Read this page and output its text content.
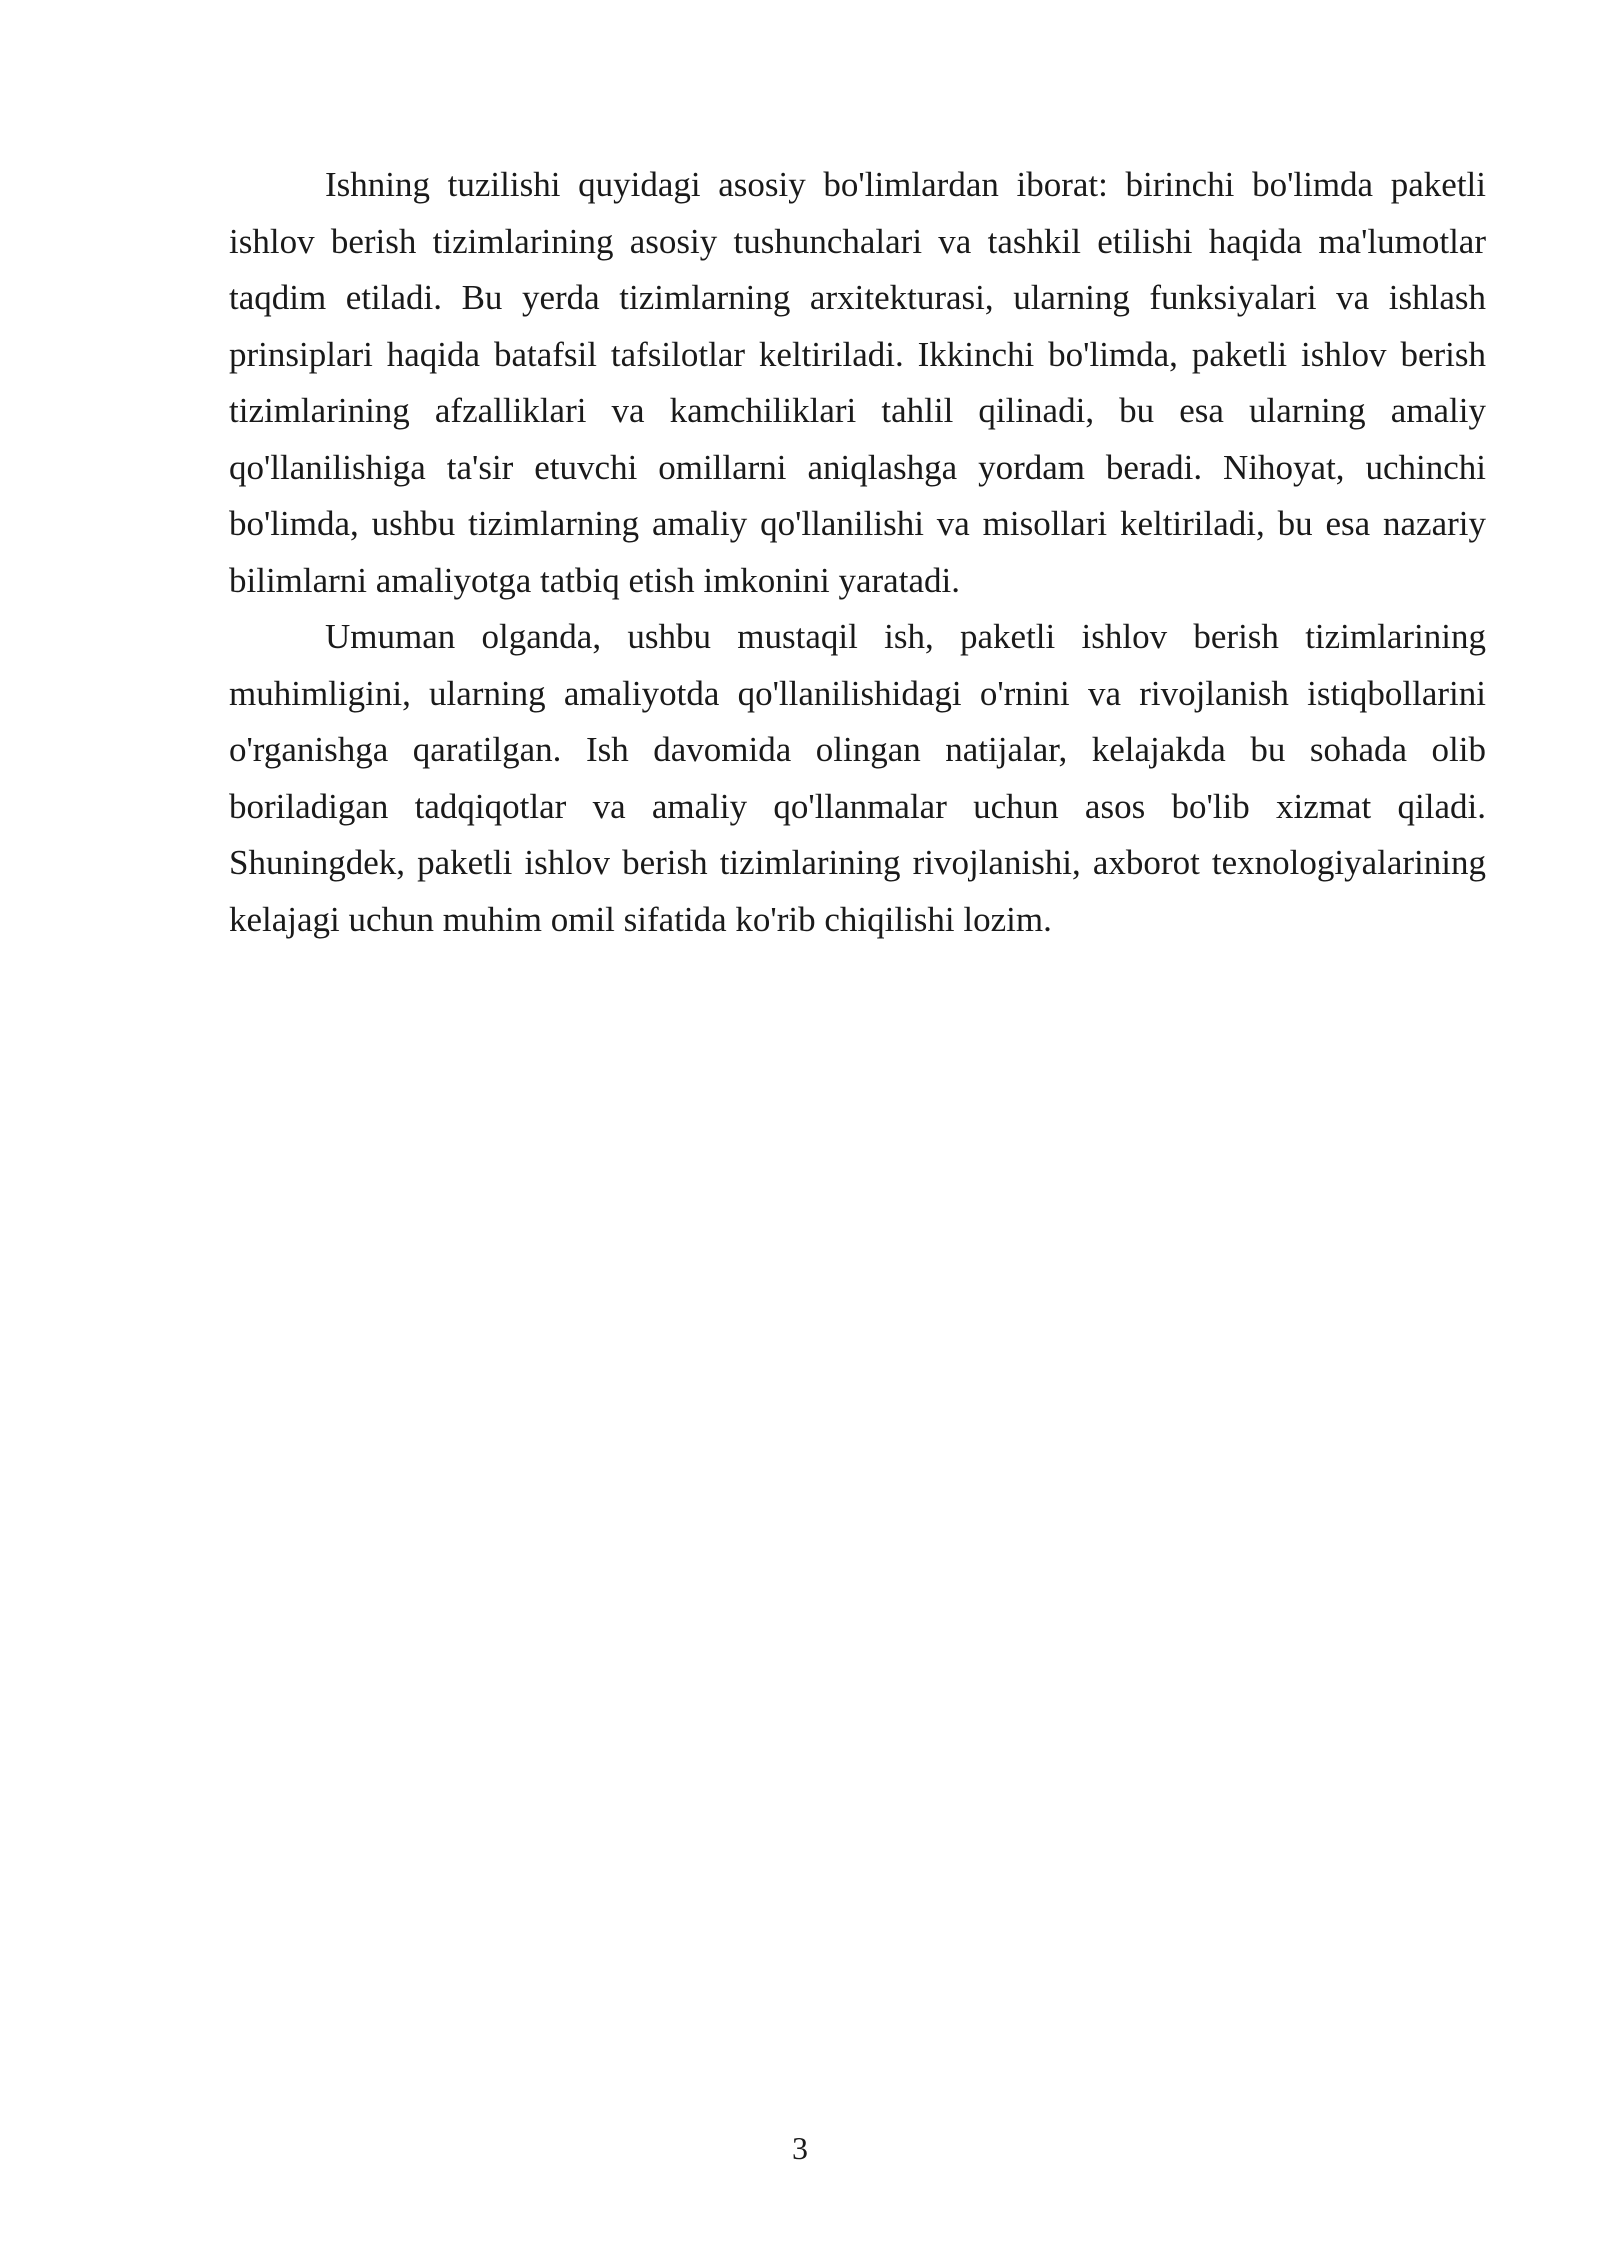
Ishning tuzilishi quyidagi asosiy bo'limlardan iborat: birinchi bo'limda paketli ishlov berish tizimlarining asosiy tushunchalari va tashkil etilishi haqida ma'lumotlar taqdim etiladi. Bu yerda tizimlarning arxitekturasi, ularning funksiyalari va ishlash prinsiplari haqida batafsil tafsilotlar keltiriladi. Ikkinchi bo'limda, paketli ishlov berish tizimlarining afzalliklari va kamchiliklari tahlil qilinadi, bu esa ularning amaliy qo'llanilishiga ta'sir etuvchi omillarni aniqlashga yordam beradi. Nihoyat, uchinchi bo'limda, ushbu tizimlarning amaliy qo'llanilishi va misollari keltiriladi, bu esa nazariy bilimlarni amaliyotga tatbiq etish imkonini yaratadi.

Umuman olganda, ushbu mustaqil ish, paketli ishlov berish tizimlarining muhimligini, ularning amaliyotda qo'llanilishidagi o'rnini va rivojlanish istiqbollarini o'rganishga qaratilgan. Ish davomida olingan natijalar, kelajakda bu sohada olib boriladigan tadqiqotlar va amaliy qo'llanmalar uchun asos bo'lib xizmat qiladi. Shuningdek, paketli ishlov berish tizimlarining rivojlanishi, axborot texnologiyalarining kelajagi uchun muhim omil sifatida ko'rib chiqilishi lozim.

3
